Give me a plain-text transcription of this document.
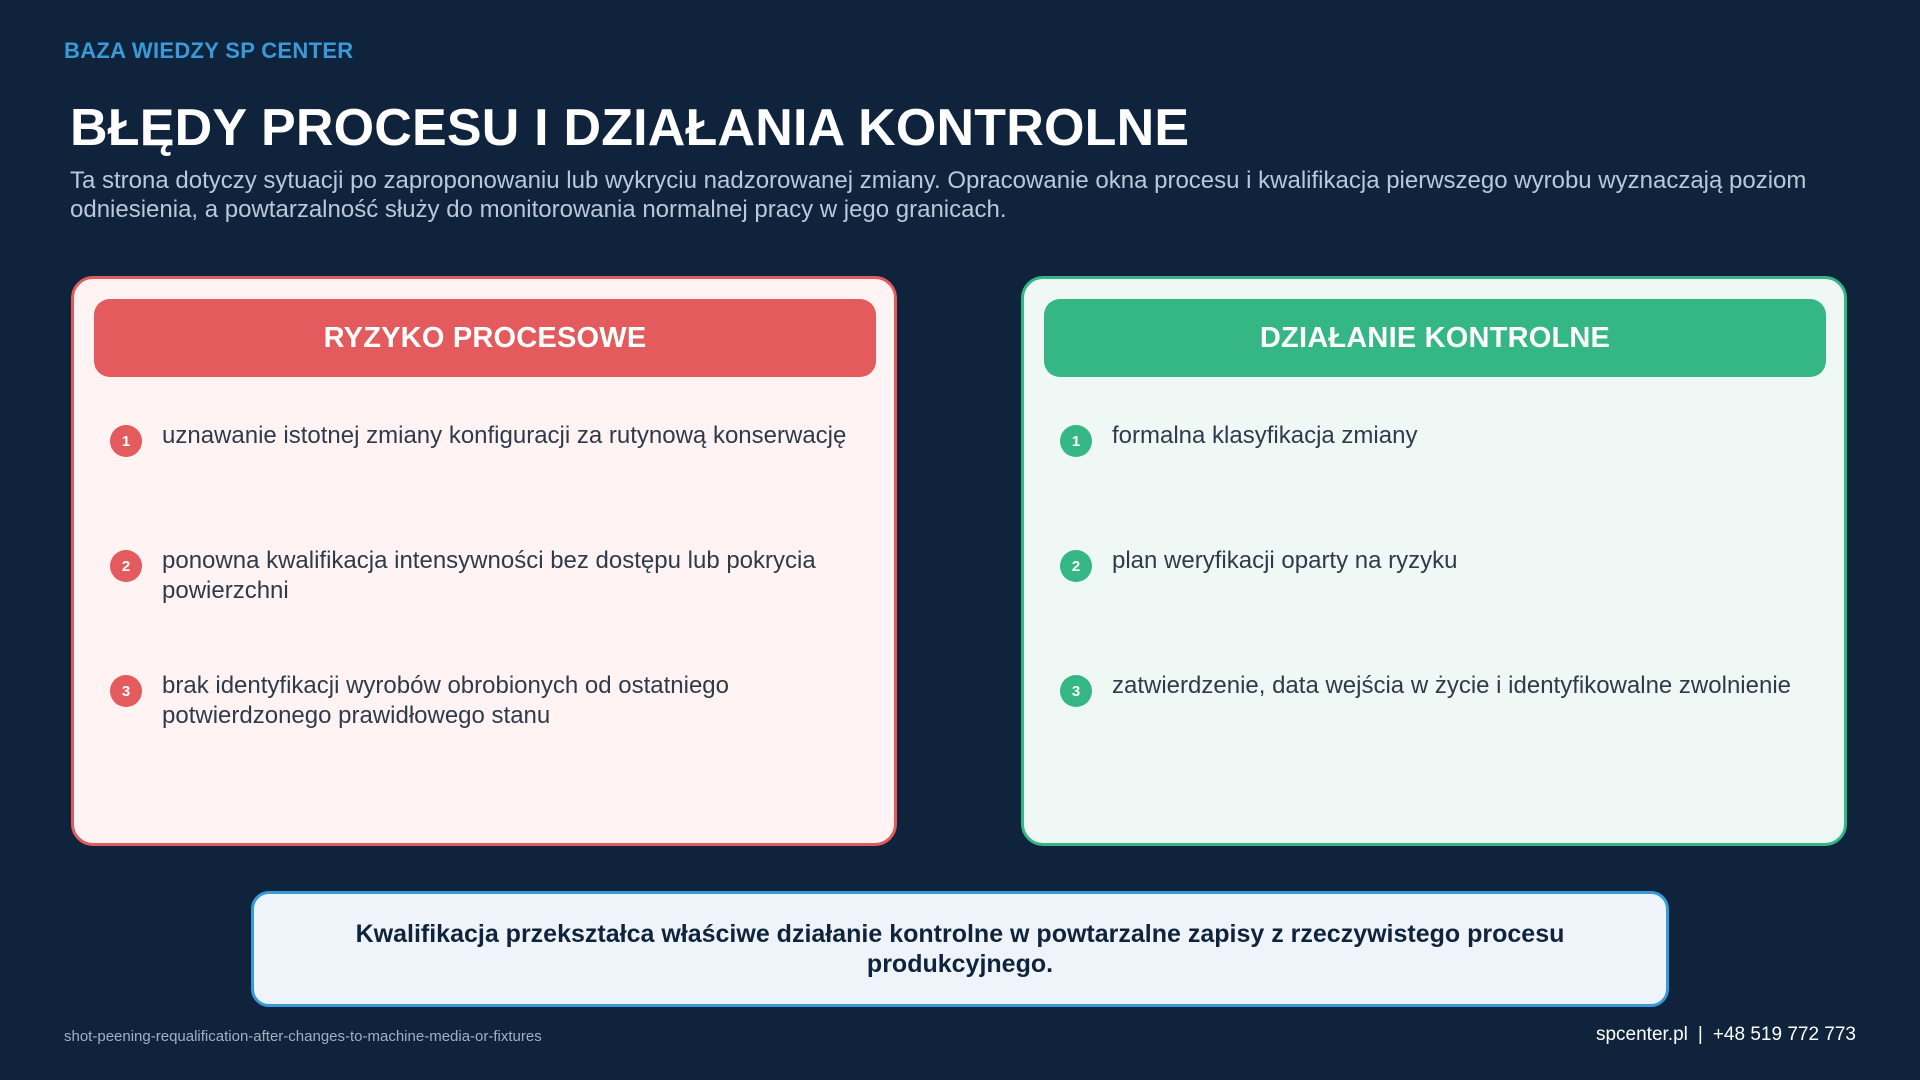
BAZA WIEDZY SP CENTER
BŁĘDY PROCESU I DZIAŁANIA KONTROLNE

Ta strona dotyczy sytuacji po zaproponowaniu lub wykryciu nadzorowanej zmiany. Opracowanie okna procesu i kwalifikacja pierwszego wyrobu wyznaczają poziom odniesienia, a powtarzalność służy do monitorowania normalnej pracy w jego granicach.

RYZYKO PROCESOWE
1	uznawanie istotnej zmiany konfiguracji za rutynową konserwację
2	ponowna kwalifikacja intensywności bez dostępu lub pokrycia powierzchni
3	brak identyfikacji wyrobów obrobionych od ostatniego potwierdzonego prawidłowego stanu
DZIAŁANIE KONTROLNE
1	formalna klasyfikacja zmiany
2	plan weryfikacji oparty na ryzyku
3	zatwierdzenie, data wejścia w życie i identyfikowalne zwolnienie
Kwalifikacja przekształca właściwe działanie kontrolne w powtarzalne zapisy z rzeczywistego procesu produkcyjnego.
shot-peening-requalification-after-changes-to-machine-media-or-fixtures	spcenter.pl | +48 519 772 773
